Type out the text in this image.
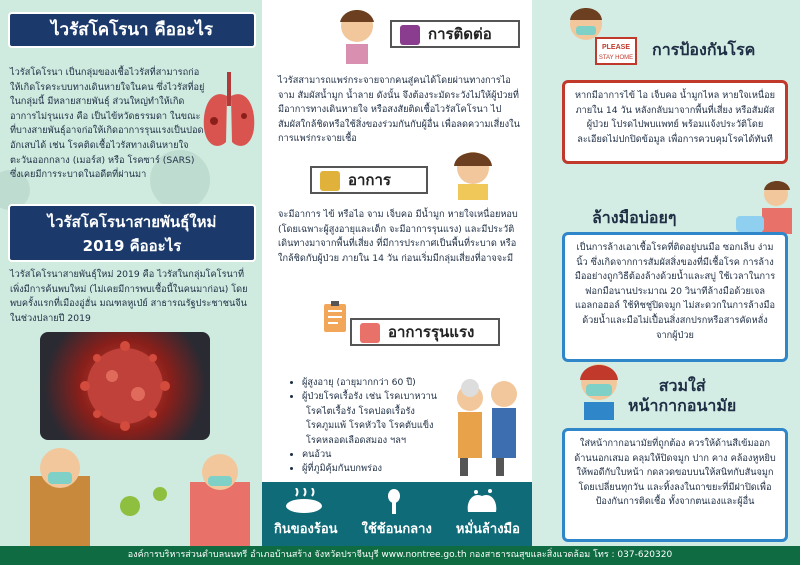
ไวรัสโคโรนา คืออะไร
ไวรัสโคโรนา เป็นกลุ่มของเชื้อไวรัสที่สามารถก่อให้เกิดโรคระบบทางเดินหายใจในคน ซึ่งไวรัสที่อยู่ในกลุ่มนี้ มีหลายสายพันธุ์ ส่วนใหญ่ทำให้เกิดอาการไม่รุนแรง คือ เป็นไข้หวัดธรรมดา ในขณะที่บางสายพันธุ์อาจก่อให้เกิดอาการรุนแรงเป็นปอดอักเสบได้ เช่น โรคติดเชื้อไวรัสทางเดินหายใจตะวันออกกลาง (เมอร์ส) หรือ โรคซาร์ (SARS) ซึ่งเคยมีการระบาดในอดีตที่ผ่านมา
ไวรัสโคโรนาสายพันธุ์ใหม่
2019 คืออะไร
ไวรัสโคโรนาสายพันธุ์ใหม่ 2019 คือ ไวรัสในกลุ่มโคโรนาที่เพิ่งมีการค้นพบใหม่ (ไม่เคยมีการพบเชื้อนี้ในคนมาก่อน) โดยพบครั้งแรกที่เมืองอู่ฮั่น มณฑลหูเป่ย์ สาธารณรัฐประชาชนจีน ในช่วงปลายปี 2019
การติดต่อ
ไวรัสสามารถแพร่กระจายจากคนสู่คนได้โดยผ่านทางการไอ จาม สัมผัสน้ำมูก น้ำลาย ดังนั้น จึงต้องระมัดระวังไม่ให้ผู้ป่วยที่มีอาการทางเดินหายใจ หรือสงสัยติดเชื้อไวรัสโคโรนา ไปสัมผัสใกล้ชิดหรือใช้สิ่งของร่วมกันกับผู้อื่น เพื่อลดความเสี่ยงในการแพร่กระจายเชื้อ
อาการ
จะมีอาการ ไข้ หรือไอ จาม เจ็บคอ มีน้ำมูก หายใจเหนื่อยหอบ (โดยเฉพาะผู้สูงอายุและเด็ก จะมีอาการรุนแรง) และมีประวัติเดินทางมาจากพื้นที่เสี่ยง ที่มีการประกาศเป็นพื้นที่ระบาด หรือใกล้ชิดกับผู้ป่วย ภายใน 14 วัน ก่อนเริ่มมีกลุ่มเสี่ยงที่อาจจะมี
อาการรุนแรง
• ผู้สูงอายุ (อายุมากกว่า 60 ปี)
• ผู้ป่วยโรคเรื้อรัง เช่น โรคเบาหวาน
โรคไตเรื้อรัง โรคปอดเรื้อรัง
โรคภูมแพ้ โรคหัวใจ โรคตับแข็ง
โรคหลอดเลือดสมอง ฯลฯ
• คนอ้วน
• ผู้ที่ภูมิคุ้มกันบกพร่อง
กินของร้อน ใช้ช้อนกลาง หมั่นล้างมือ
PLEASE
STAY HOME การป้องกันโรค
หากมีอาการไข้ ไอ เจ็บคอ น้ำมูกไหล หายใจเหนื่อย ภายใน 14 วัน หลังกลับมาจากพื้นที่เสี่ยง หรือสัมผัสผู้ป่วย โปรดไปพบแพทย์ พร้อมแจ้งประวัติโดยละเอียดไม่ปกปิดข้อมูล เพื่อการควบคุมโรคได้ทันที
ล้างมือบ่อยๆ
เป็นการล้างเอาเชื้อโรคที่ติดอยู่บนมือ ซอกเล็บ ง่ามนิ้ว ซึ่งเกิดจากการสัมผัสสิ่งของที่มีเชื้อโรค การล้างมืออย่างถูกวิธีต้องล้างด้วยน้ำและสบู่ ใช้เวลาในการฟอกมือนานประมาณ 20 วินาทีล้างมือด้วยเจลแอลกอฮอล์ ใช้ทิชชู่ปิดจมูก ไม่สะดวกในการล้างมือด้วยน้ำและมือไม่เปื้อนสิ่งสกปรกหรือสารคัดหลั่ง จากผู้ป่วย
สวมใส่
หน้ากากอนามัย
ใส่หน้ากากอนามัยที่ถูกต้อง ควรให้ด้านสีเข้มออกด้านนอกเสมอ คลุมให้ปิดจมูก ปาก คาง คล้องหูหยิบให้พอดีกับใบหน้า กดลวดขอบบนให้สนิทกับสันจมูก โดยเปลี่ยนทุกวัน และทิ้งลงในถาขยะที่มีฝาปิดเพื่อป้องกันการติดเชื้อ ทั้งจากตนเองและผู้อื่น
องค์การบริหารส่วนตำบลนนทรี อำเภอบ้านสร้าง จังหวัดปราจีนบุรี www.nontree.go.th กองสาธารณสุขและสิ่งแวดล้อม โทร : 037-620320
